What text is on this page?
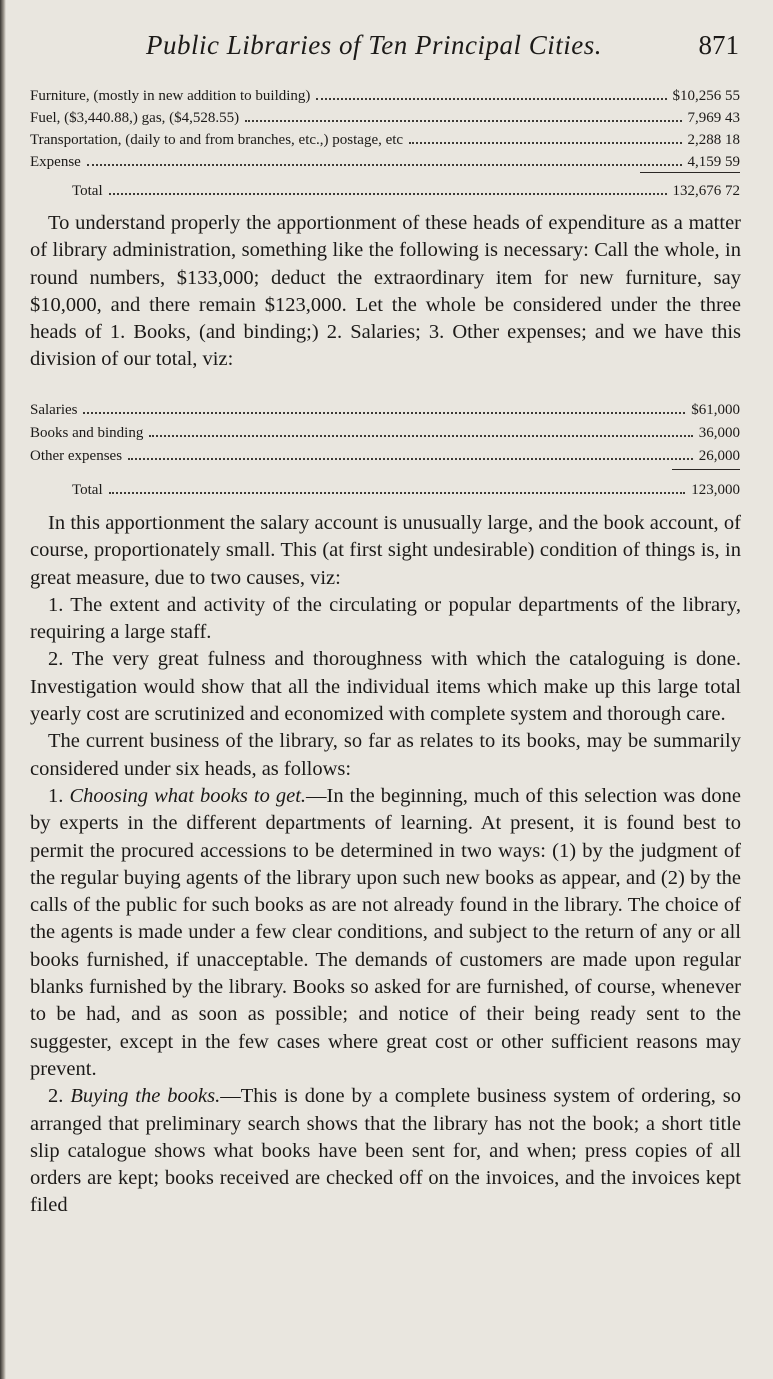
Public Libraries of Ten Principal Cities.	871
Furniture, (mostly in new addition to building)	$10,256 55
Fuel, ($3,440.88,) gas, ($4,528.55)	7,969 43
Transportation, (daily to and from branches, etc.,) postage, etc	2,288 18
Expense	4,159 59
Total	132,676 72

To understand properly the apportionment of these heads of expenditure as a matter of library administration, something like the following is necessary: Call the whole, in round numbers, $133,000; deduct the extraordinary item for new furniture, say $10,000, and there remain $123,000. Let the whole be considered under the three heads of 1. Books, (and binding;) 2. Salaries; 3. Other expenses; and we have this division of our total, viz:

Salaries	$61,000
Books and binding	36,000
Other expenses	26,000
Total	123,000

In this apportionment the salary account is unusually large, and the book account, of course, proportionately small. This (at first sight undesirable) condition of things is, in great measure, due to two causes, viz:

1. The extent and activity of the circulating or popular departments of the library, requiring a large staff.

2. The very great fulness and thoroughness with which the cataloguing is done. Investigation would show that all the individual items which make up this large total yearly cost are scrutinized and economized with complete system and thorough care.

The current business of the library, so far as relates to its books, may be summarily considered under six heads, as follows:

1. Choosing what books to get.—In the beginning, much of this selection was done by experts in the different departments of learning. At present, it is found best to permit the procured accessions to be determined in two ways: (1) by the judgment of the regular buying agents of the library upon such new books as appear, and (2) by the calls of the public for such books as are not already found in the library. The choice of the agents is made under a few clear conditions, and subject to the return of any or all books furnished, if unacceptable. The demands of customers are made upon regular blanks furnished by the library. Books so asked for are furnished, of course, whenever to be had, and as soon as possible; and notice of their being ready sent to the suggester, except in the few cases where great cost or other sufficient reasons may prevent.

2. Buying the books.—This is done by a complete business system of ordering, so arranged that preliminary search shows that the library has not the book; a short title slip catalogue shows what books have been sent for, and when; press copies of all orders are kept; books received are checked off on the invoices, and the invoices kept filed
